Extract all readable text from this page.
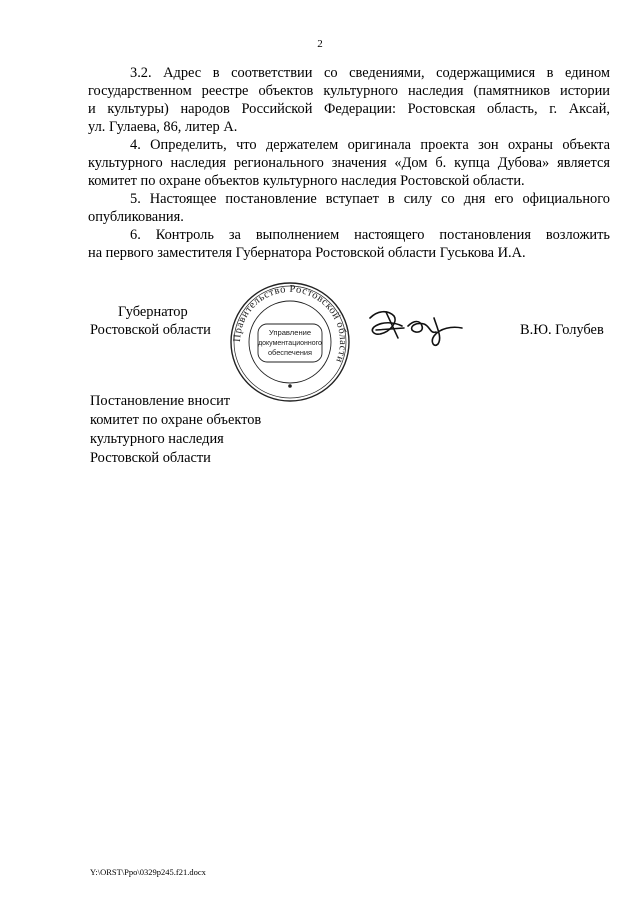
2
3.2. Адрес в соответствии со сведениями, содержащимися в едином
государственном реестре объектов культурного наследия (памятников истории
и культуры) народов Российской Федерации: Ростовская область, г. Аксай,
ул. Гулаева, 86, литер А.
4. Определить, что держателем оригинала проекта зон охраны объекта
культурного наследия регионального значения «Дом б. купца Дубова» является
комитет по охране объектов культурного наследия Ростовской области.
5. Настоящее постановление вступает в силу со дня его официального
опубликования.
6. Контроль за выполнением настоящего постановления возложить
на первого заместителя Губернатора Ростовской области Гуськова И.А.
Губернатор
Ростовской области	В.Ю. Голубев
Правительство Ростовской области
Управление
документационного
обеспечения
Постановление вносит
комитет по охране объектов
культурного наследия
Ростовской области
Y:\ORST\Ppo\0329p245.f21.docx
